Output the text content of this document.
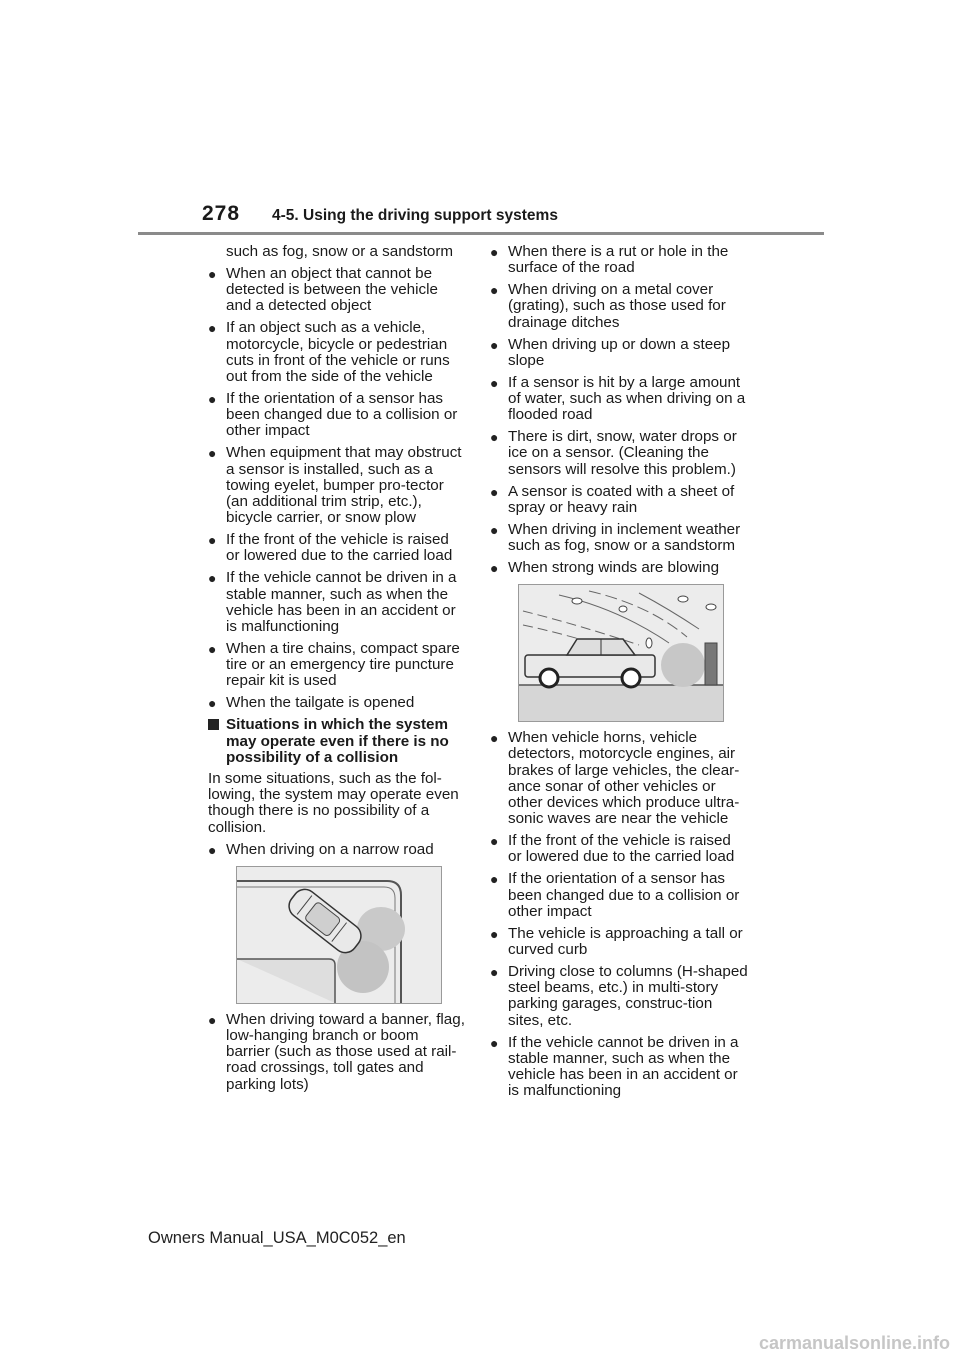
278 4-5. Using the driving support systems
such as fog, snow or a sandstorm
● When an object that cannot be detected is between the vehicle and a detected object
● If an object such as a vehicle, motorcycle, bicycle or pedestrian cuts in front of the vehicle or runs out from the side of the vehicle
● If the orientation of a sensor has been changed due to a collision or other impact
● When equipment that may obstruct a sensor is installed, such as a towing eyelet, bumper pro-tector (an additional trim strip, etc.), bicycle carrier, or snow plow
● If the front of the vehicle is raised or lowered due to the carried load
● If the vehicle cannot be driven in a stable manner, such as when the vehicle has been in an accident or is malfunctioning
● When a tire chains, compact spare tire or an emergency tire puncture repair kit is used
● When the tailgate is opened
Situations in which the system may operate even if there is no possibility of a collision
In some situations, such as the fol-lowing, the system may operate even though there is no possibility of a collision.
● When driving on a narrow road
● When driving toward a banner, flag, low-hanging branch or boom barrier (such as those used at rail-road crossings, toll gates and parking lots)
● When there is a rut or hole in the surface of the road
● When driving on a metal cover (grating), such as those used for drainage ditches
● When driving up or down a steep slope
● If a sensor is hit by a large amount of water, such as when driving on a flooded road
● There is dirt, snow, water drops or ice on a sensor. (Cleaning the sensors will resolve this problem.)
● A sensor is coated with a sheet of spray or heavy rain
● When driving in inclement weather such as fog, snow or a sandstorm
● When strong winds are blowing
● When vehicle horns, vehicle detectors, motorcycle engines, air brakes of large vehicles, the clear-ance sonar of other vehicles or other devices which produce ultra-sonic waves are near the vehicle
● If the front of the vehicle is raised or lowered due to the carried load
● If the orientation of a sensor has been changed due to a collision or other impact
● The vehicle is approaching a tall or curved curb
● Driving close to columns (H-shaped steel beams, etc.) in multi-story parking garages, construc-tion sites, etc.
● If the vehicle cannot be driven in a stable manner, such as when the vehicle has been in an accident or is malfunctioning
Owners Manual_USA_M0C052_en
carmanualsonline.info
